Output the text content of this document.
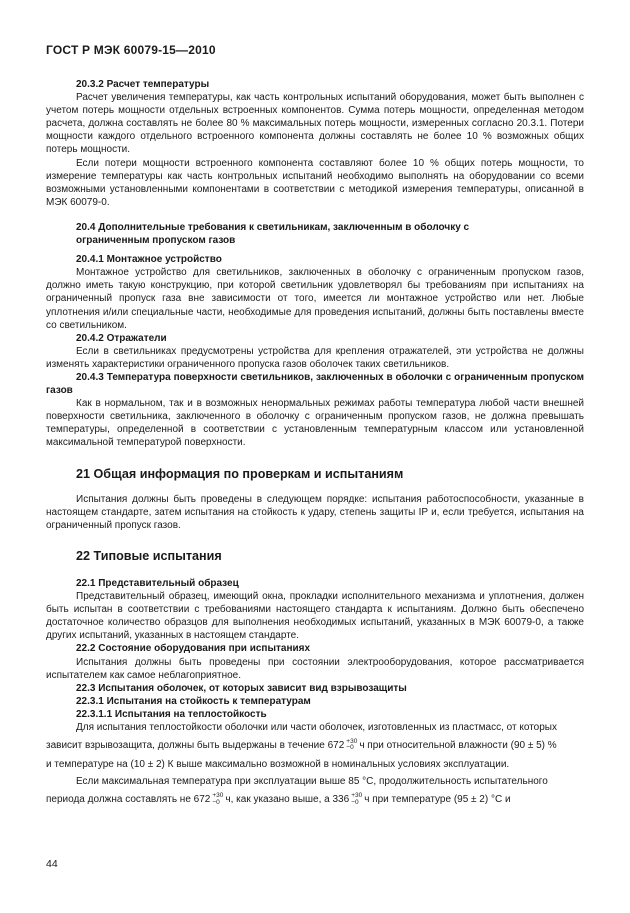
ГОСТ Р МЭК 60079-15—2010

20.3.2 Расчет температуры

Расчет увеличения температуры, как часть контрольных испытаний оборудования, может быть выполнен с учетом потерь мощности отдельных встроенных компонентов. Сумма потерь мощности, определенная методом расчета, должна составлять не более 80 % максимальных потерь мощности, измеренных согласно 20.3.1. Потери мощности каждого отдельного встроенного компонента должны составлять не более 10 % возможных общих потерь мощности.

Если потери мощности встроенного компонента составляют более 10 % общих потерь мощности, то измерение температуры как часть контрольных испытаний необходимо выполнять на оборудовании со всеми возможными установленными компонентами в соответствии с методикой измерения температуры, описанной в МЭК 60079-0.

20.4 Дополнительные требования к светильникам, заключенным в оболочку с

ограниченным пропуском газов

20.4.1 Монтажное устройство

Монтажное устройство для светильников, заключенных в оболочку с ограниченным пропуском газов, должно иметь такую конструкцию, при которой светильник удовлетворял бы требованиям при испытаниях на ограниченный пропуск газа вне зависимости от того, имеется ли монтажное устройство или нет. Любые уплотнения и/или специальные части, необходимые для проведения испытаний, должны быть поставлены вместе со светильником.

20.4.2 Отражатели

Если в светильниках предусмотрены устройства для крепления отражателей, эти устройства не должны изменять характеристики ограниченного пропуска газов оболочек таких светильников.

20.4.3 Температура поверхности светильников, заключенных в оболочки с ограниченным пропуском газов

Как в нормальном, так и в возможных ненормальных режимах работы температура любой части внешней поверхности светильника, заключенного в оболочку с ограниченным пропуском газов, не должна превышать температуры, определенной в соответствии с установленным температурным классом или установленной максимальной температурой поверхности.

21 Общая информация по проверкам и испытаниям

Испытания должны быть проведены в следующем порядке: испытания работоспособности, указанные в настоящем стандарте, затем испытания на стойкость к удару, степень защиты IP и, если требуется, испытания на ограниченный пропуск газов.

22 Типовые испытания

22.1 Представительный образец

Представительный образец, имеющий окна, прокладки исполнительного механизма и уплотнения, должен быть испытан в соответствии с требованиями настоящего стандарта к испытаниям. Должно быть обеспечено достаточное количество образцов для выполнения необходимых испытаний, указанных в МЭК 60079-0, а также других испытаний, указанных в настоящем стандарте.

22.2 Состояние оборудования при испытаниях

Испытания должны быть проведены при состоянии электрооборудования, которое рассматривается испытателем как самое неблагоприятное.

22.3 Испытания оболочек, от которых зависит вид взрывозащиты

22.3.1 Испытания на стойкость к температурам

22.3.1.1 Испытания на теплостойкость

Для испытания теплостойкости оболочки или части оболочек, изготовленных из пластмасс, от которых

зависит взрывозащита, должны быть выдержаны в течение 672 +30
−0 ч при относительной влажности (90 ± 5) %

и температуре на (10 ± 2) К выше максимально возможной в номинальных условиях эксплуатации.

Если максимальная температура при эксплуатации выше 85 °С, продолжительность испытательного

периода должна составлять не 672 +30
−0 ч, как указано выше, а 336 +30
−0 ч при температуре (95 ± 2) °С и

44
